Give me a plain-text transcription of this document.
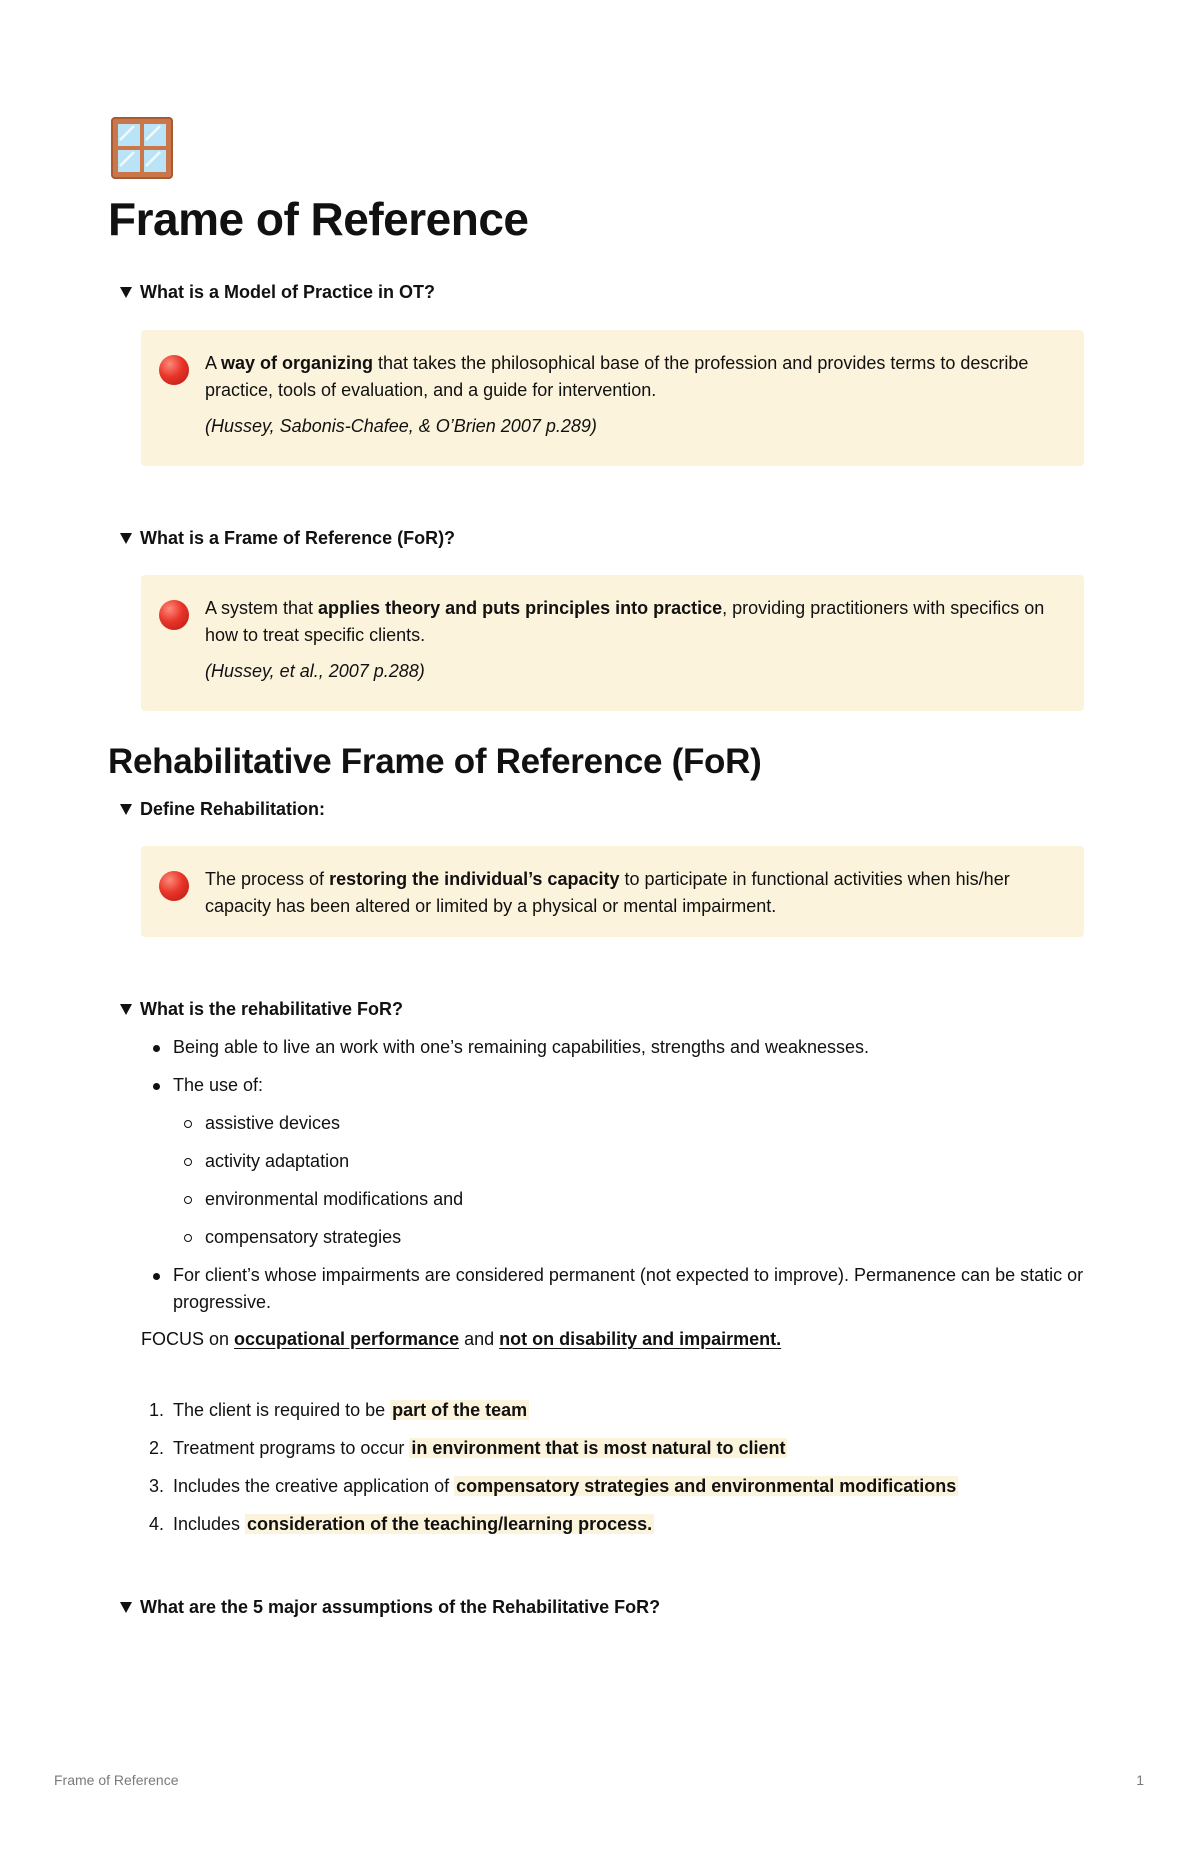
Frame of Reference
What is a Model of Practice in OT?
A way of organizing that takes the philosophical base of the profession and provides terms to describe practice, tools of evaluation, and a guide for intervention.
(Hussey, Sabonis-Chafee, & O’Brien 2007 p.289)
What is a Frame of Reference (FoR)?
A system that applies theory and puts principles into practice, providing practitioners with specifics on how to treat specific clients.
(Hussey, et al., 2007 p.288)
Rehabilitative Frame of Reference (FoR)
Define Rehabilitation:
The process of restoring the individual’s capacity to participate in functional activities when his/her capacity has been altered or limited by a physical or mental impairment.
What is the rehabilitative FoR?
Being able to live an work with one’s remaining capabilities, strengths and weaknesses.
The use of:
assistive devices
activity adaptation
environmental modifications and
compensatory strategies
For client’s whose impairments are considered permanent (not expected to improve). Permanence can be static or progressive.
FOCUS on occupational performance and not on disability and impairment.
1. The client is required to be part of the team
2. Treatment programs to occur in environment that is most natural to client
3. Includes the creative application of compensatory strategies and environmental modifications
4. Includes consideration of the teaching/learning process.
What are the 5 major assumptions of the Rehabilitative FoR?
Frame of Reference	1
